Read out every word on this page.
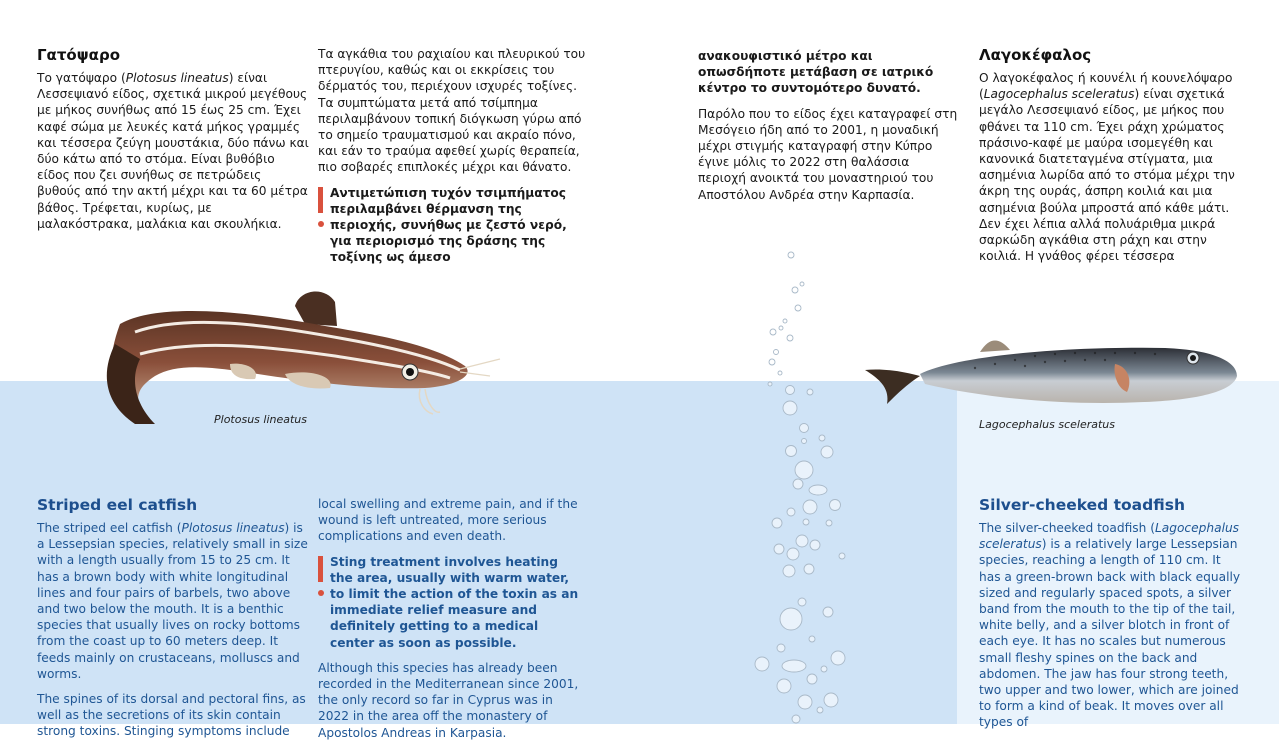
Γατόψαρο

Το γατόψαρο (Plotosus lineatus) είναι Λεσσεψιανό είδος, σχετικά μικρού μεγέθους με μήκος συνήθως από 15 έως 25 cm. Έχει καφέ σώμα με λευκές κατά μήκος γραμμές και τέσσερα ζεύγη μουστάκια, δύο πάνω και δύο κάτω από το στόμα. Είναι βυθόβιο είδος που ζει συνήθως σε πετρώδεις βυθούς από την ακτή μέχρι και τα 60 μέτρα βάθος. Τρέφεται, κυρίως, με μαλακόστρακα, μαλάκια και σκουλήκια.

Τα αγκάθια του ραχιαίου και πλευρικού του πτερυγίου, καθώς και οι εκκρίσεις του δέρματός του, περιέχουν ισχυρές τοξίνες. Τα συμπτώματα μετά από τσίμπημα περιλαμβάνουν τοπική διόγκωση γύρω από το σημείο τραυματισμού και ακραίο πόνο, και εάν το τραύμα αφεθεί χωρίς θεραπεία, πιο σοβαρές επιπλοκές μέχρι και θάνατο.

Αντιμετώπιση τυχόν τσιμπήματος περιλαμβάνει θέρμανση της περιοχής, συνήθως με ζεστό νερό, για περιορισμό της δράσης της τοξίνης ως άμεσο

ανακουφιστικό μέτρο και οπωσδήποτε μετάβαση σε ιατρικό κέντρο το συντομότερο δυνατό.

Παρόλο που το είδος έχει καταγραφεί στη Μεσόγειο ήδη από το 2001, η μοναδική μέχρι στιγμής καταγραφή στην Κύπρο έγινε μόλις το 2022 στη θαλάσσια περιοχή ανοικτά του μοναστηριού του Αποστόλου Ανδρέα στην Καρπασία.

Λαγοκέφαλος

Ο λαγοκέφαλος ή κουνέλι ή κουνελόψαρο (Lagocephalus sceleratus) είναι σχετικά μεγάλο Λεσσεψιανό είδος, με μήκος που φθάνει τα 110 cm. Έχει ράχη χρώματος πράσινο-καφέ με μαύρα ισομεγέθη και κανονικά διατεταγμένα στίγματα, μια ασημένια λωρίδα από το στόμα μέχρι την άκρη της ουράς, άσπρη κοιλιά και μια ασημένια βούλα μπροστά από κάθε μάτι. Δεν έχει λέπια αλλά πολυάριθμα μικρά σαρκώδη αγκάθια στη ράχη και στην κοιλιά. Η γνάθος φέρει τέσσερα

Plotosus lineatus	Lagocephalus sceleratus
Striped eel catfish

The striped eel catfish (Plotosus lineatus) is a Lessepsian species, relatively small in size with a length usually from 15 to 25 cm. It has a brown body with white longitudinal lines and four pairs of barbels, two above and two below the mouth. It is a benthic species that usually lives on rocky bottoms from the coast up to 60 meters deep. It feeds mainly on crustaceans, molluscs and worms.

The spines of its dorsal and pectoral fins, as well as the secretions of its skin contain strong toxins. Stinging symptoms include

local swelling and extreme pain, and if the wound is left untreated, more serious complications and even death.

Sting treatment involves heating the area, usually with warm water, to limit the action of the toxin as an immediate relief measure and definitely getting to a medical center as soon as possible.

Although this species has already been recorded in the Mediterranean since 2001, the only record so far in Cyprus was in 2022 in the area off the monastery of Apostolos Andreas in Karpasia.

Silver-cheeked toadfish

The silver-cheeked toadfish (Lagocephalus sceleratus) is a relatively large Lessepsian species, reaching a length of 110 cm. It has a green-brown back with black equally sized and regularly spaced spots, a silver band from the mouth to the tip of the tail, white belly, and a silver blotch in front of each eye. It has no scales but numerous small fleshy spines on the back and abdomen. The jaw has four strong teeth, two upper and two lower, which are joined to form a kind of beak. It moves over all types of
